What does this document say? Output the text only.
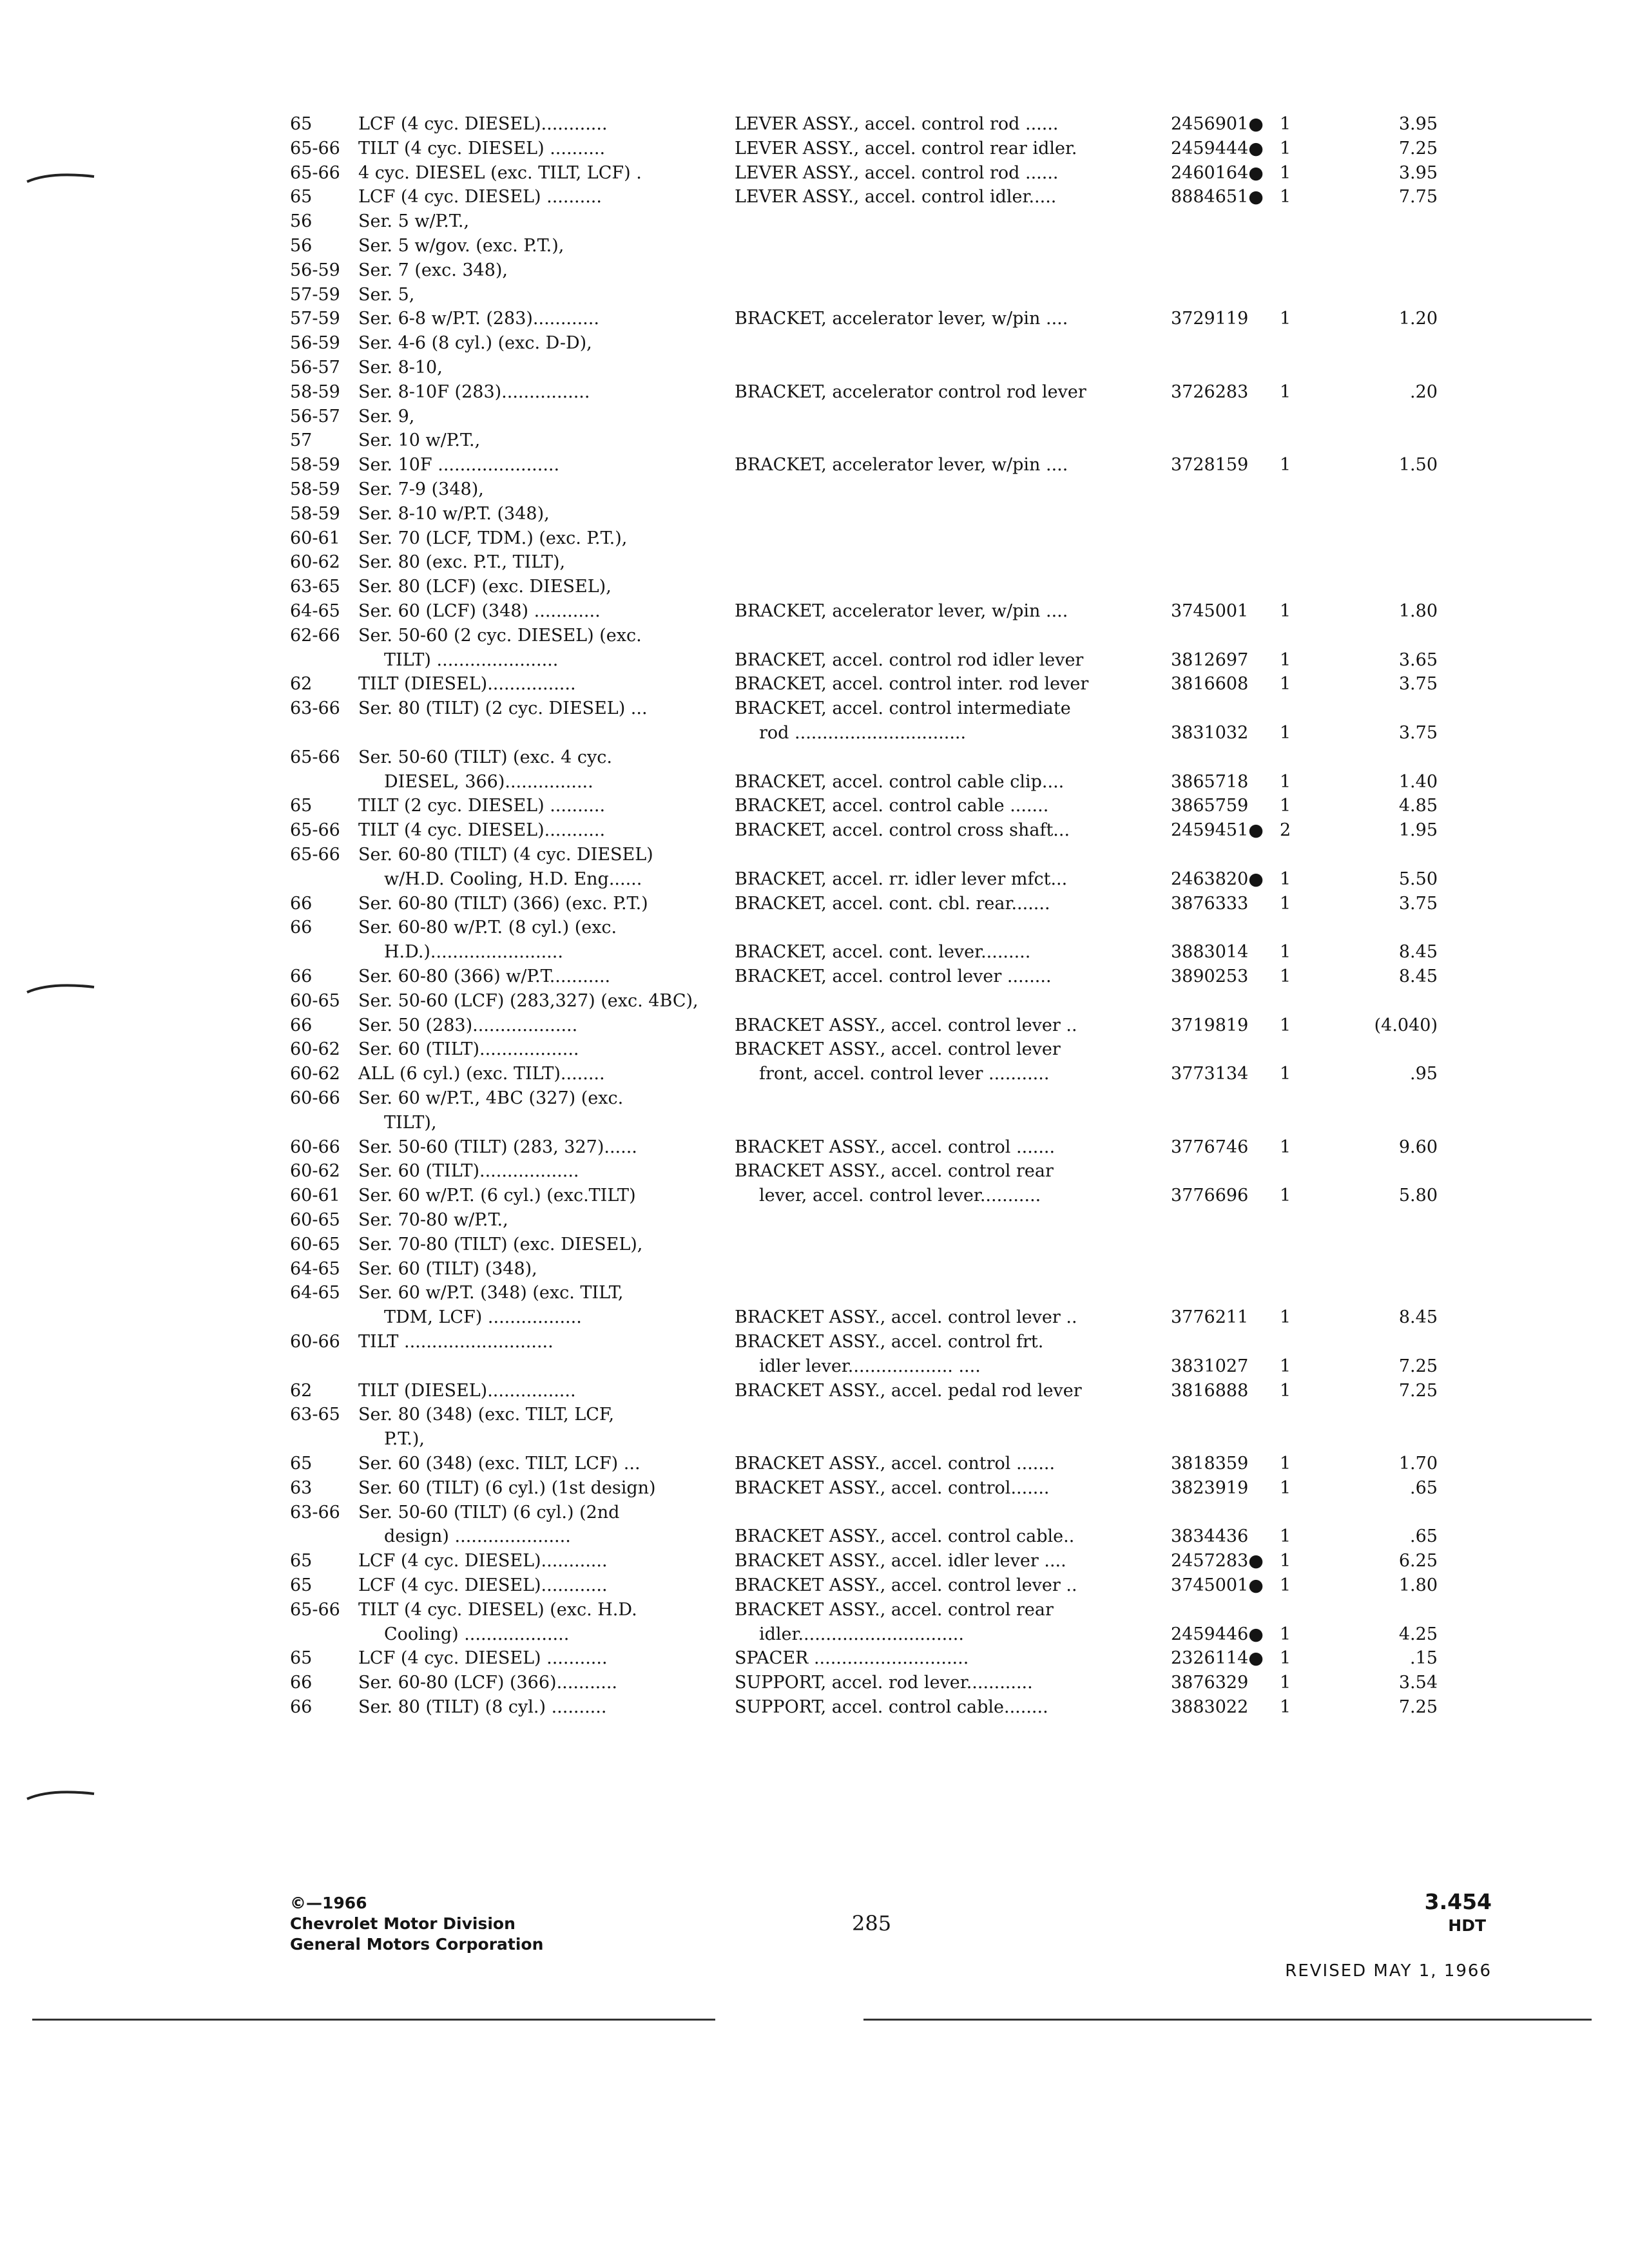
65	LCF (4 cyc. DIESEL)............	LEVER ASSY., accel. control rod ......	2456901● 1	3.95
65-66 TILT (4 cyc. DIESEL) ..........	LEVER ASSY., accel. control rear idler.	2459444● 1	7.25
65-66 4 cyc. DIESEL (exc. TILT, LCF) .	LEVER ASSY., accel. control rod ......	2460164● 1	3.95
65	LCF (4 cyc. DIESEL) ..........	LEVER ASSY., accel. control idler.....	8884651● 1	7.75
56	Ser. 5 w/P.T.,
56	Ser. 5 w/gov. (exc. P.T.),
56-59 Ser. 7 (exc. 348),
57-59 Ser. 5,
57-59 Ser. 6-8 w/P.T. (283)............	BRACKET, accelerator lever, w/pin ....	3729119 1	1.20
56-59 Ser. 4-6 (8 cyl.) (exc. D-D),
56-57 Ser. 8-10,
58-59 Ser. 8-10F (283)................	BRACKET, accelerator control rod lever	3726283 1	.20
56-57 Ser. 9,
57	Ser. 10 w/P.T.,
58-59 Ser. 10F ......................	BRACKET, accelerator lever, w/pin ....	3728159 1	1.50
58-59 Ser. 7-9 (348),
58-59 Ser. 8-10 w/P.T. (348),
60-61 Ser. 70 (LCF, TDM.) (exc. P.T.),
60-62 Ser. 80 (exc. P.T., TILT),
63-65 Ser. 80 (LCF) (exc. DIESEL),
64-65 Ser. 60 (LCF) (348) ............	BRACKET, accelerator lever, w/pin ....	3745001 1	1.80
62-66 Ser. 50-60 (2 cyc. DIESEL) (exc.
TILT) ......................	BRACKET, accel. control rod idler lever	3812697 1	3.65
62	TILT (DIESEL)................	BRACKET, accel. control inter. rod lever	3816608 1	3.75
63-66 Ser. 80 (TILT) (2 cyc. DIESEL) ...	BRACKET, accel. control intermediate
rod ...............................	3831032 1	3.75
65-66 Ser. 50-60 (TILT) (exc. 4 cyc.
DIESEL, 366)................	BRACKET, accel. control cable clip....	3865718 1	1.40
65	TILT (2 cyc. DIESEL) ..........	BRACKET, accel. control cable .......	3865759 1	4.85
65-66 TILT (4 cyc. DIESEL)...........	BRACKET, accel. control cross shaft...	2459451● 2	1.95
65-66 Ser. 60-80 (TILT) (4 cyc. DIESEL)
w/H.D. Cooling, H.D. Eng......	BRACKET, accel. rr. idler lever mfct...	2463820● 1	5.50
66	Ser. 60-80 (TILT) (366) (exc. P.T.)	BRACKET, accel. cont. cbl. rear.......	3876333 1	3.75
66	Ser. 60-80 w/P.T. (8 cyl.) (exc.
H.D.)........................	BRACKET, accel. cont. lever.........	3883014 1	8.45
66	Ser. 60-80 (366) w/P.T...........	BRACKET, accel. control lever ........	3890253 1	8.45
60-65 Ser. 50-60 (LCF) (283,327) (exc. 4BC),
66	Ser. 50 (283)...................	BRACKET ASSY., accel. control lever ..	3719819 1	(4.040)
60-62 Ser. 60 (TILT)..................	BRACKET ASSY., accel. control lever
60-62 ALL (6 cyl.) (exc. TILT)........	front, accel. control lever ...........	3773134 1	.95
60-66 Ser. 60 w/P.T., 4BC (327) (exc.
TILT),
60-66 Ser. 50-60 (TILT) (283, 327)......	BRACKET ASSY., accel. control .......	3776746 1	9.60
60-62 Ser. 60 (TILT)..................	BRACKET ASSY., accel. control rear
60-61 Ser. 60 w/P.T. (6 cyl.) (exc.TILT)	lever, accel. control lever...........	3776696 1	5.80
60-65 Ser. 70-80 w/P.T.,
60-65 Ser. 70-80 (TILT) (exc. DIESEL),
64-65 Ser. 60 (TILT) (348),
64-65 Ser. 60 w/P.T. (348) (exc. TILT,
TDM, LCF) .................	BRACKET ASSY., accel. control lever ..	3776211 1	8.45
60-66 TILT ...........................	BRACKET ASSY., accel. control frt.
idler lever................... ....	3831027 1	7.25
62	TILT (DIESEL)................	BRACKET ASSY., accel. pedal rod lever	3816888 1	7.25
63-65 Ser. 80 (348) (exc. TILT, LCF,
P.T.),
65	Ser. 60 (348) (exc. TILT, LCF) ...	BRACKET ASSY., accel. control .......	3818359 1	1.70
63	Ser. 60 (TILT) (6 cyl.) (1st design)	BRACKET ASSY., accel. control.......	3823919 1	.65
63-66 Ser. 50-60 (TILT) (6 cyl.) (2nd
design) .....................	BRACKET ASSY., accel. control cable..	3834436 1	.65
65	LCF (4 cyc. DIESEL)............	BRACKET ASSY., accel. idler lever ....	2457283● 1	6.25
65	LCF (4 cyc. DIESEL)............	BRACKET ASSY., accel. control lever ..	3745001● 1	1.80
65-66 TILT (4 cyc. DIESEL) (exc. H.D.	BRACKET ASSY., accel. control rear
Cooling) ...................	idler..............................	2459446● 1	4.25
65	LCF (4 cyc. DIESEL) ...........	SPACER ............................	2326114● 1	.15
66	Ser. 60-80 (LCF) (366)...........	SUPPORT, accel. rod lever............	3876329 1	3.54
66	Ser. 80 (TILT) (8 cyl.) ..........	SUPPORT, accel. control cable........	3883022 1	7.25
©—1966
Chevrolet Motor Division
General Motors Corporation
285
3.454
HDT
REVISED MAY 1, 1966
